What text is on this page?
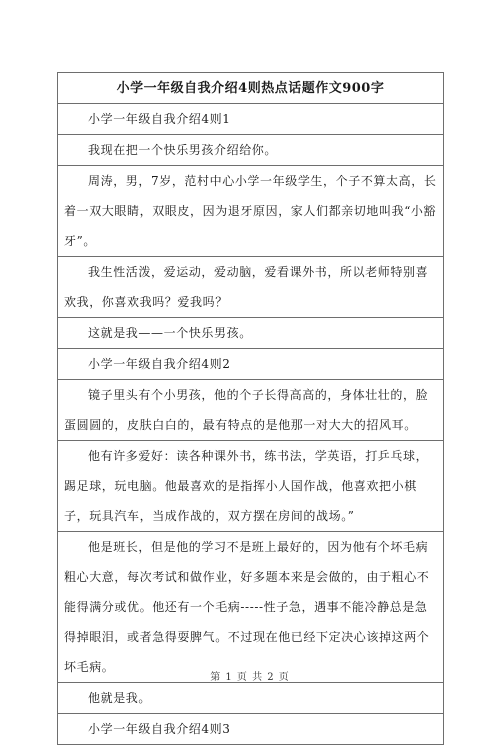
小学一年级自我介绍4则热点话题作文900字
小学一年级自我介绍4则1
我现在把一个快乐男孩介绍给你。
周涛，男，7岁，范村中心小学一年级学生，个子不算太高，长着一双大眼睛，双眼皮，因为退牙原因，家人们都亲切地叫我“小豁牙”。
我生性活泼，爱运动，爱动脑，爱看课外书，所以老师特别喜欢我，你喜欢我吗？爱我吗？
这就是我——一个快乐男孩。
小学一年级自我介绍4则2
镜子里头有个小男孩，他的个子长得高高的，身体壮壮的，脸蛋圆圆的，皮肤白白的，最有特点的是他那一对大大的招风耳。
他有许多爱好：读各种课外书，练书法，学英语，打乒乓球，踢足球，玩电脑。他最喜欢的是指挥小人国作战，他喜欢把小棋子，玩具汽车，当成作战的，双方摆在房间的战场。”
他是班长，但是他的学习不是班上最好的，因为他有个坏毛病粗心大意，每次考试和做作业，好多题本来是会做的，由于粗心不能得满分或优。他还有一个毛病-----性子急，遇事不能冷静总是急得掉眼泪，或者急得耍脾气。不过现在他已经下定决心该掉这两个坏毛病。
他就是我。
小学一年级自我介绍4则3
第 1 页 共 2 页
